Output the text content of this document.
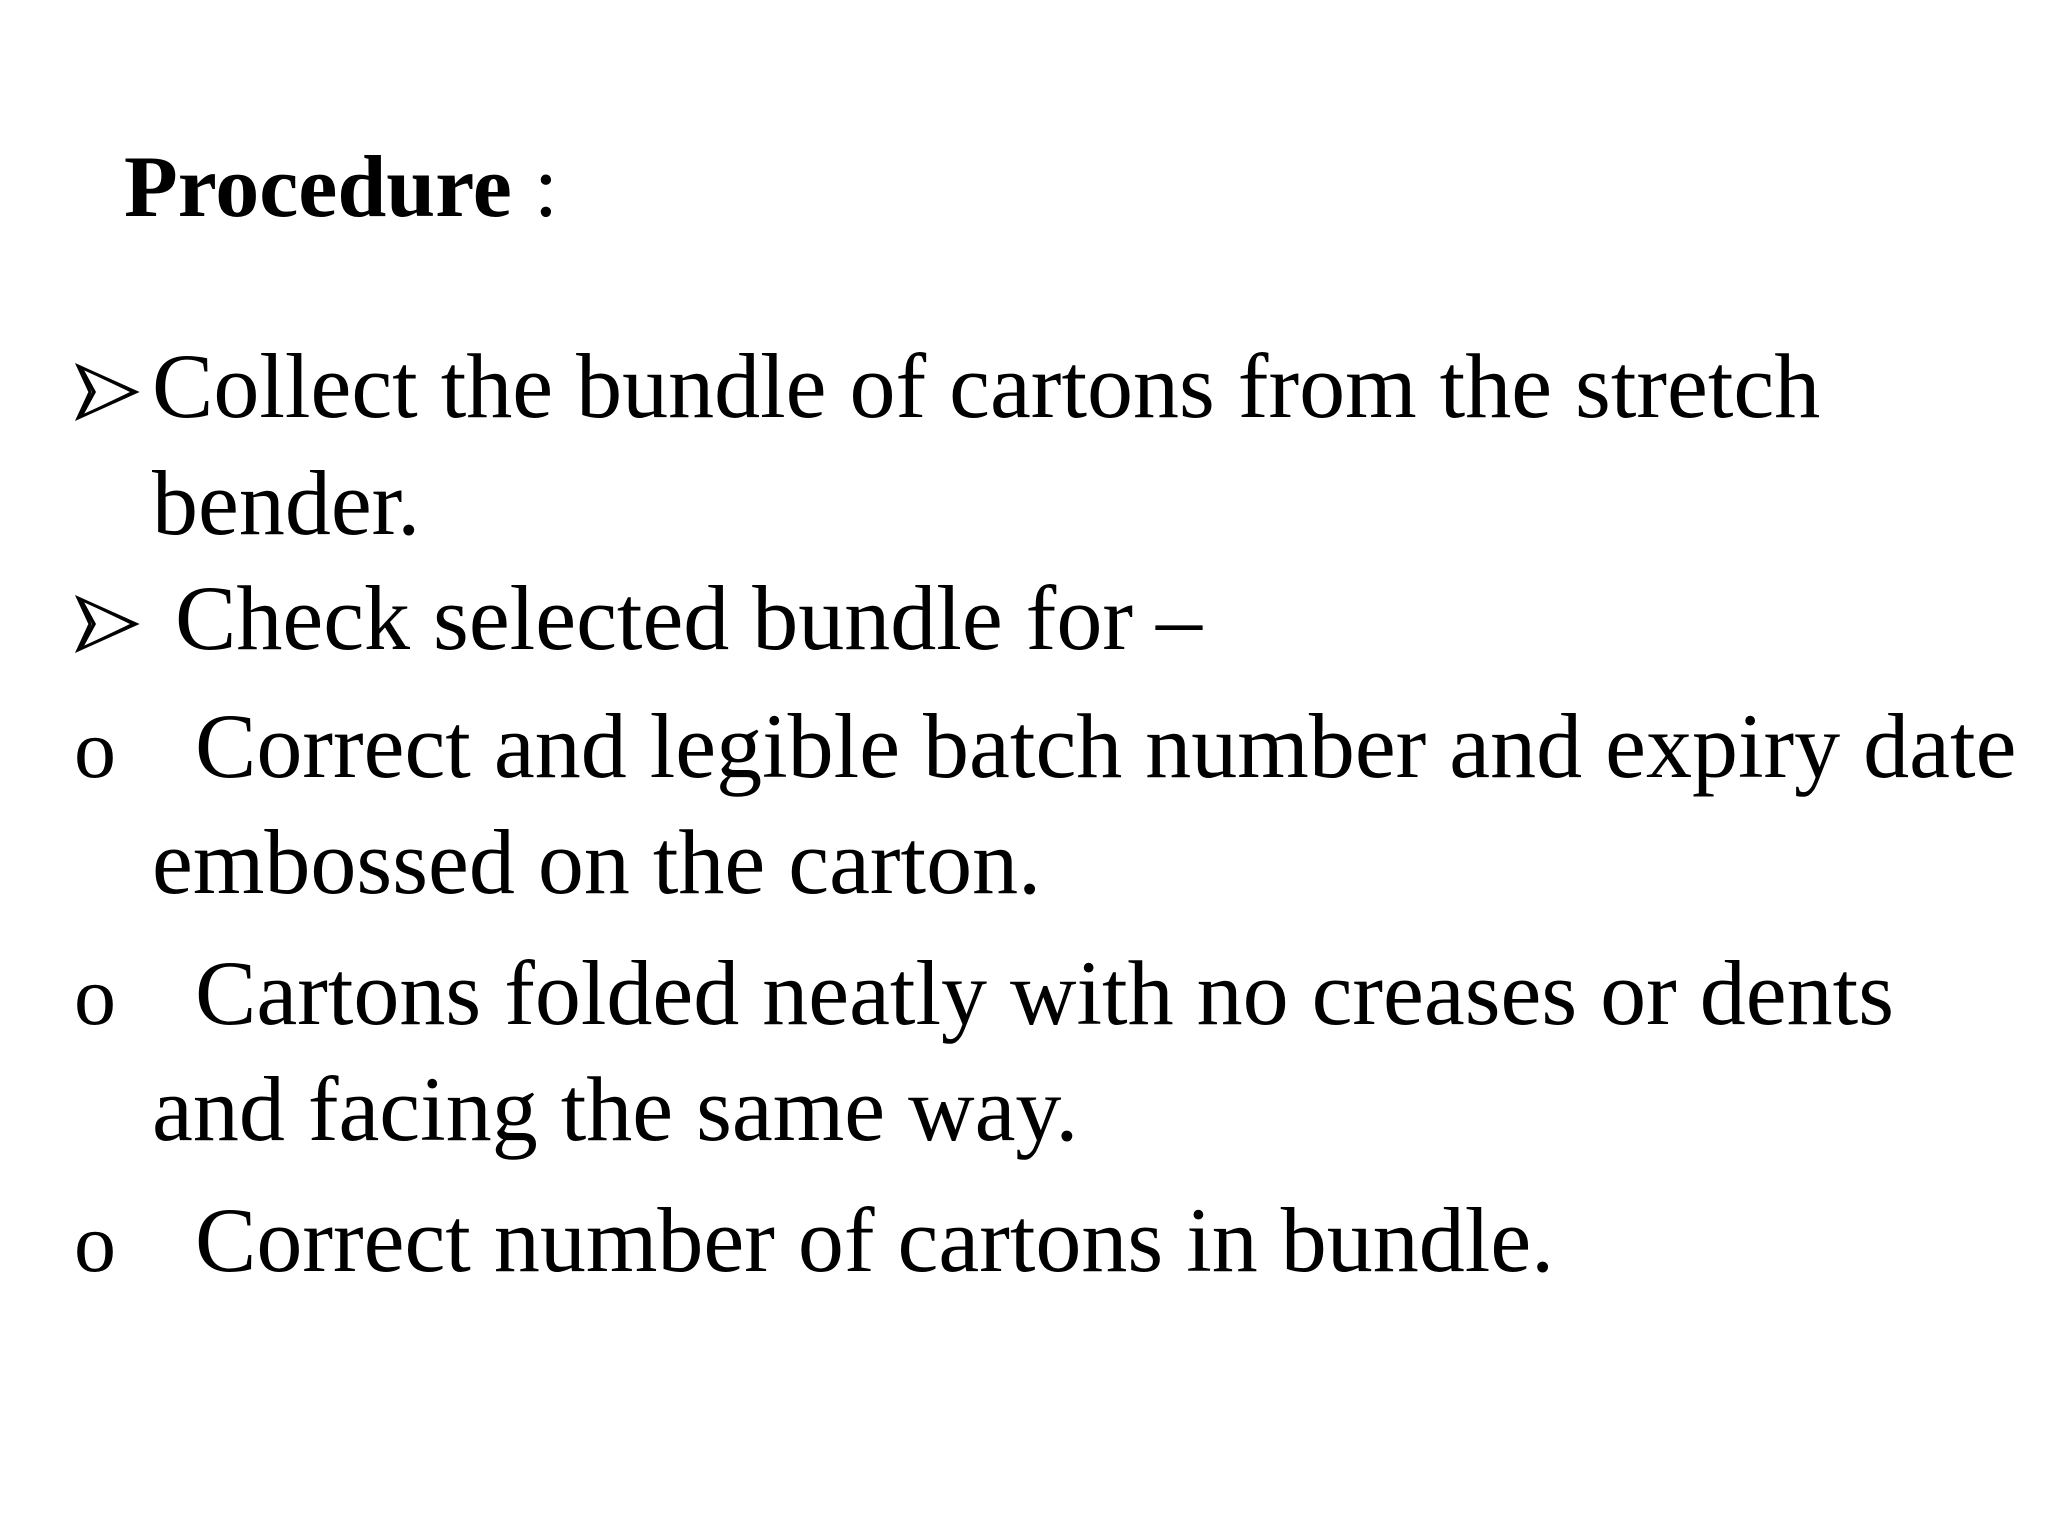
Procedure :
Collect the bundle of cartons from the stretch
bender.
Check selected bundle for –
o Correct and legible batch number and expiry date
embossed on the carton.
o Cartons folded neatly with no creases or dents
and facing the same way.
o Correct number of cartons in bundle.
